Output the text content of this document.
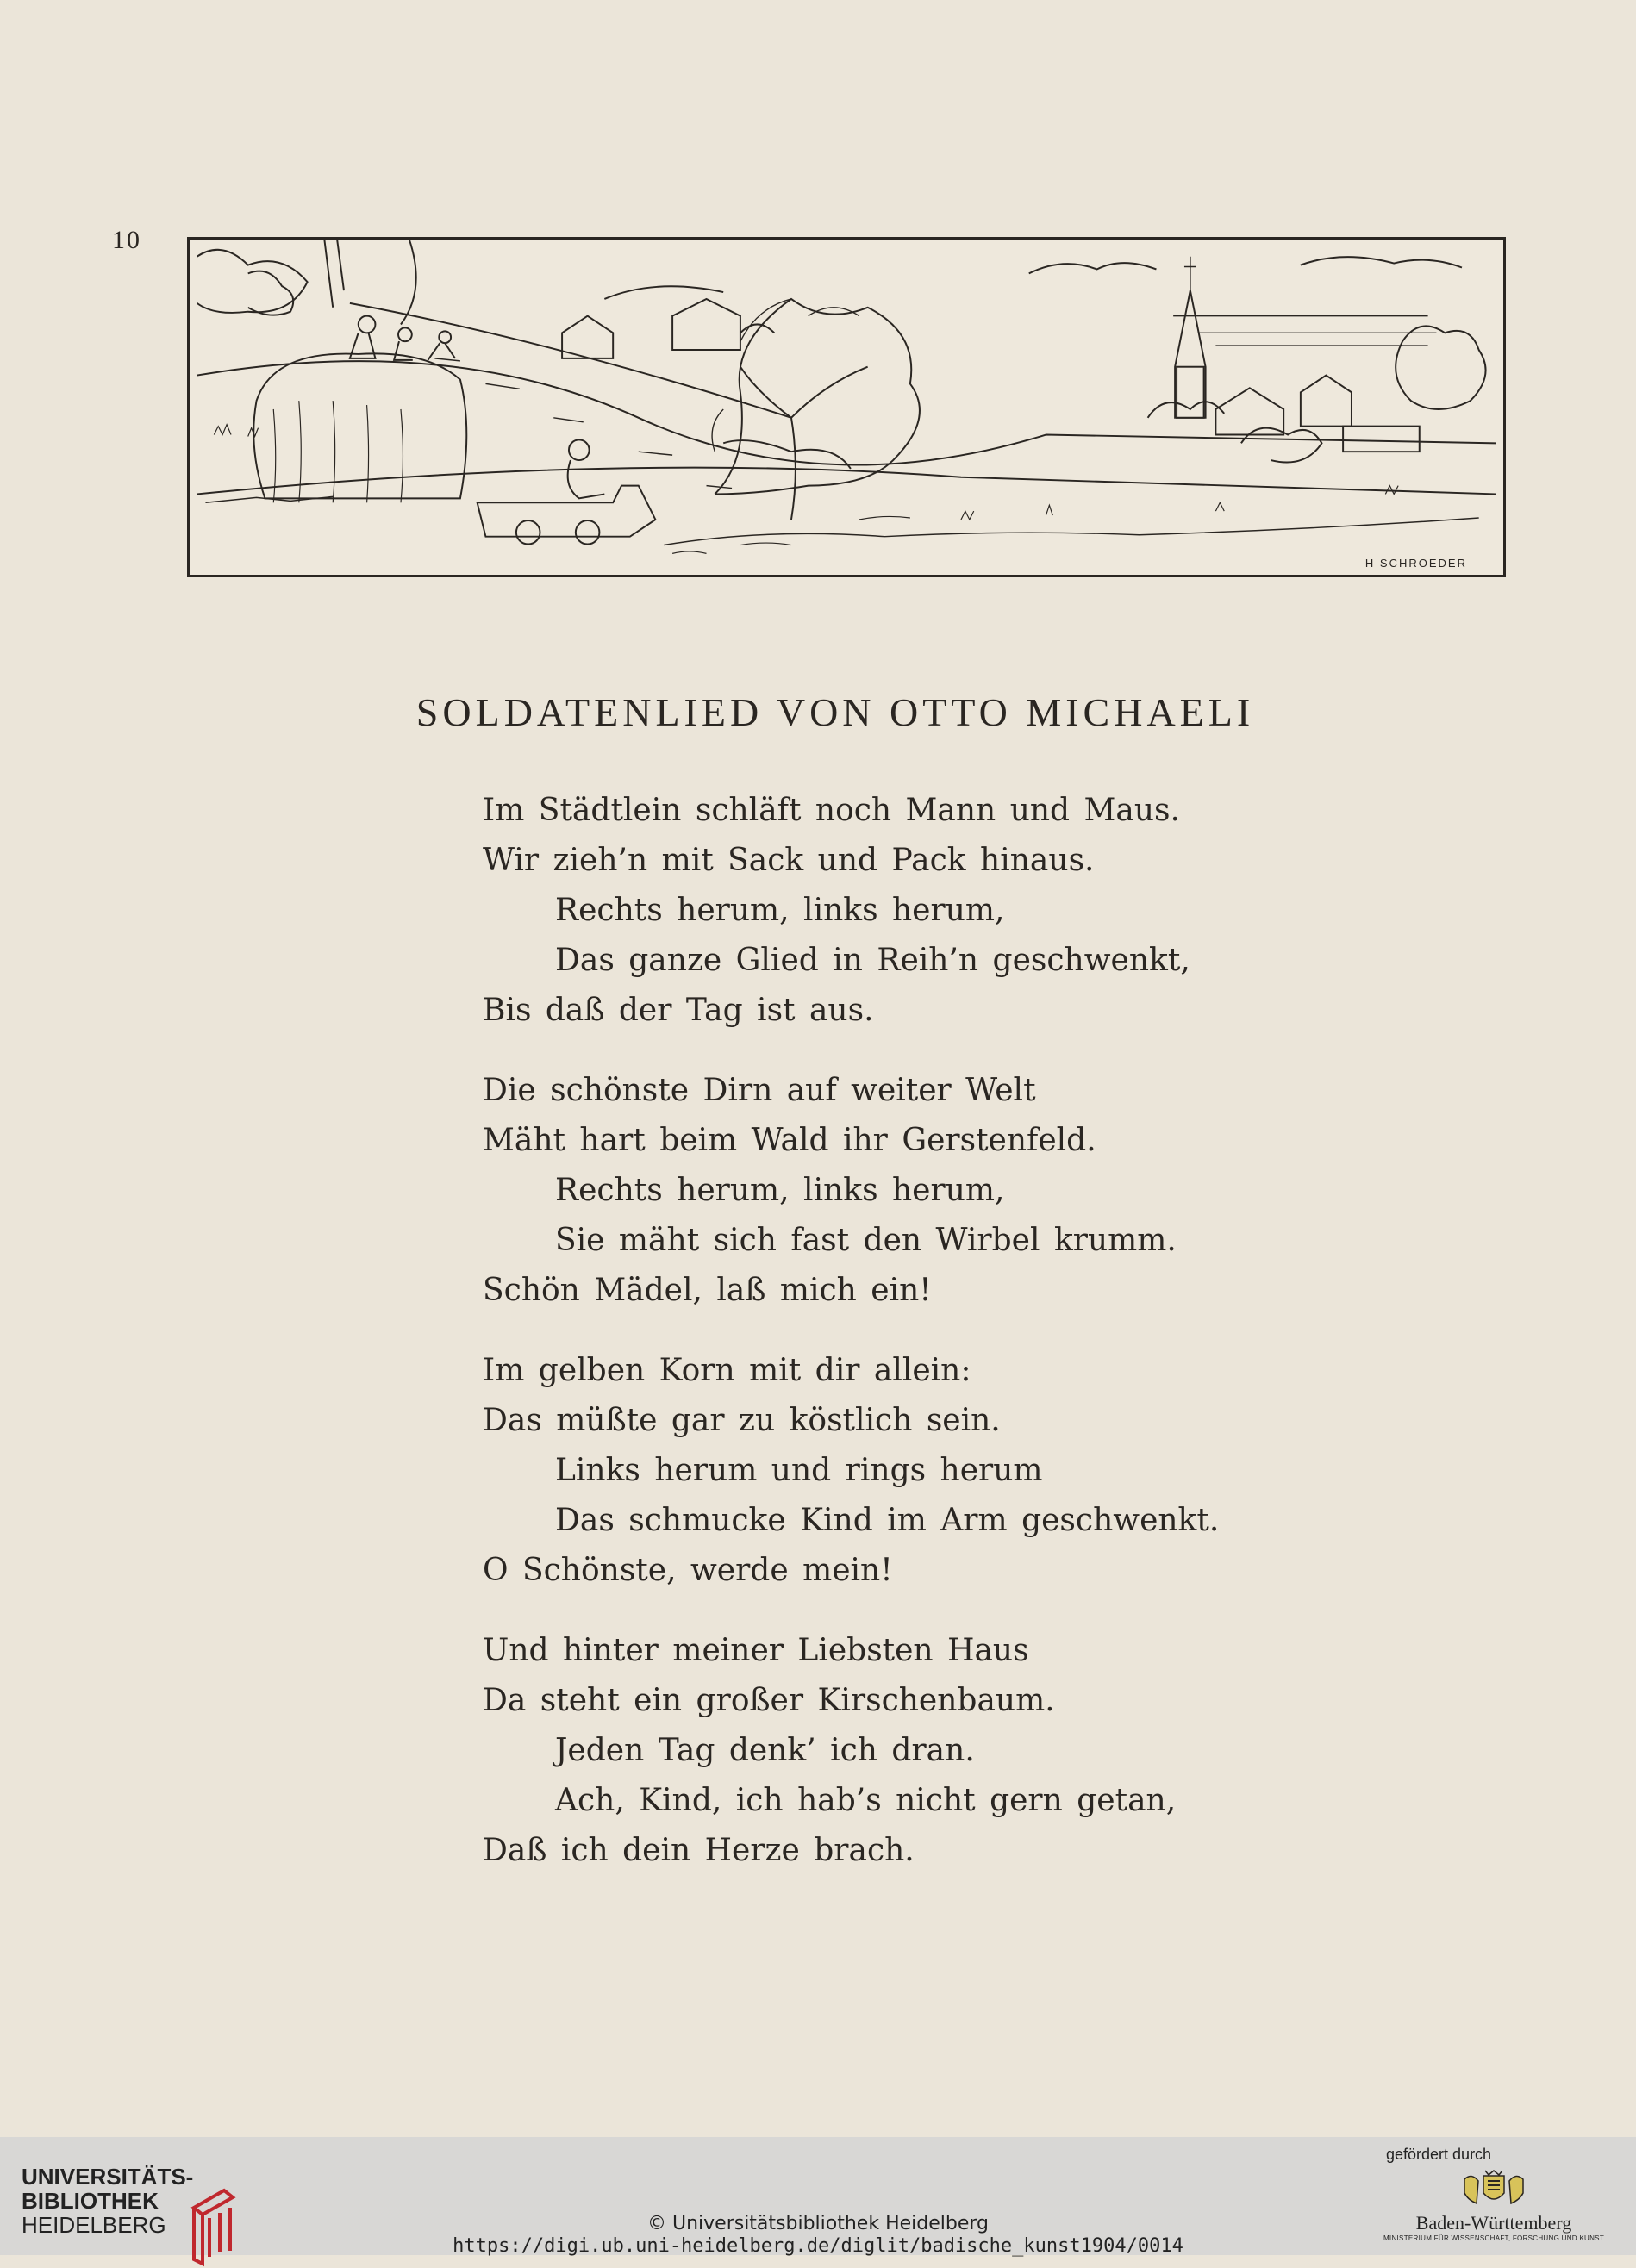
10
H SCHROEDER
SOLDATENLIED VON OTTO MICHAELI
Im Städtlein schläft noch Mann und Maus.
Wir zieh’n mit Sack und Pack hinaus.
Rechts herum, links herum,
Das ganze Glied in Reih’n geschwenkt,
Bis daß der Tag ist aus.
Die schönste Dirn auf weiter Welt
Mäht hart beim Wald ihr Gerstenfeld.
Rechts herum, links herum,
Sie mäht sich fast den Wirbel krumm.
Schön Mädel, laß mich ein!
Im gelben Korn mit dir allein:
Das müßte gar zu köstlich sein.
Links herum und rings herum
Das schmucke Kind im Arm geschwenkt.
O Schönste, werde mein!
Und hinter meiner Liebsten Haus
Da steht ein großer Kirschenbaum.
Jeden Tag denk’ ich dran.
Ach, Kind, ich hab’s nicht gern getan,
Daß ich dein Herze brach.
UNIVERSITÄTS-
BIBLIOTHEK
HEIDELBERG	© Universitätsbibliothek Heidelberg
https://digi.ub.uni-heidelberg.de/diglit/badische_kunst1904/0014
gefördert durch
Baden-Württemberg
MINISTERIUM FÜR WISSENSCHAFT, FORSCHUNG UND KUNST
